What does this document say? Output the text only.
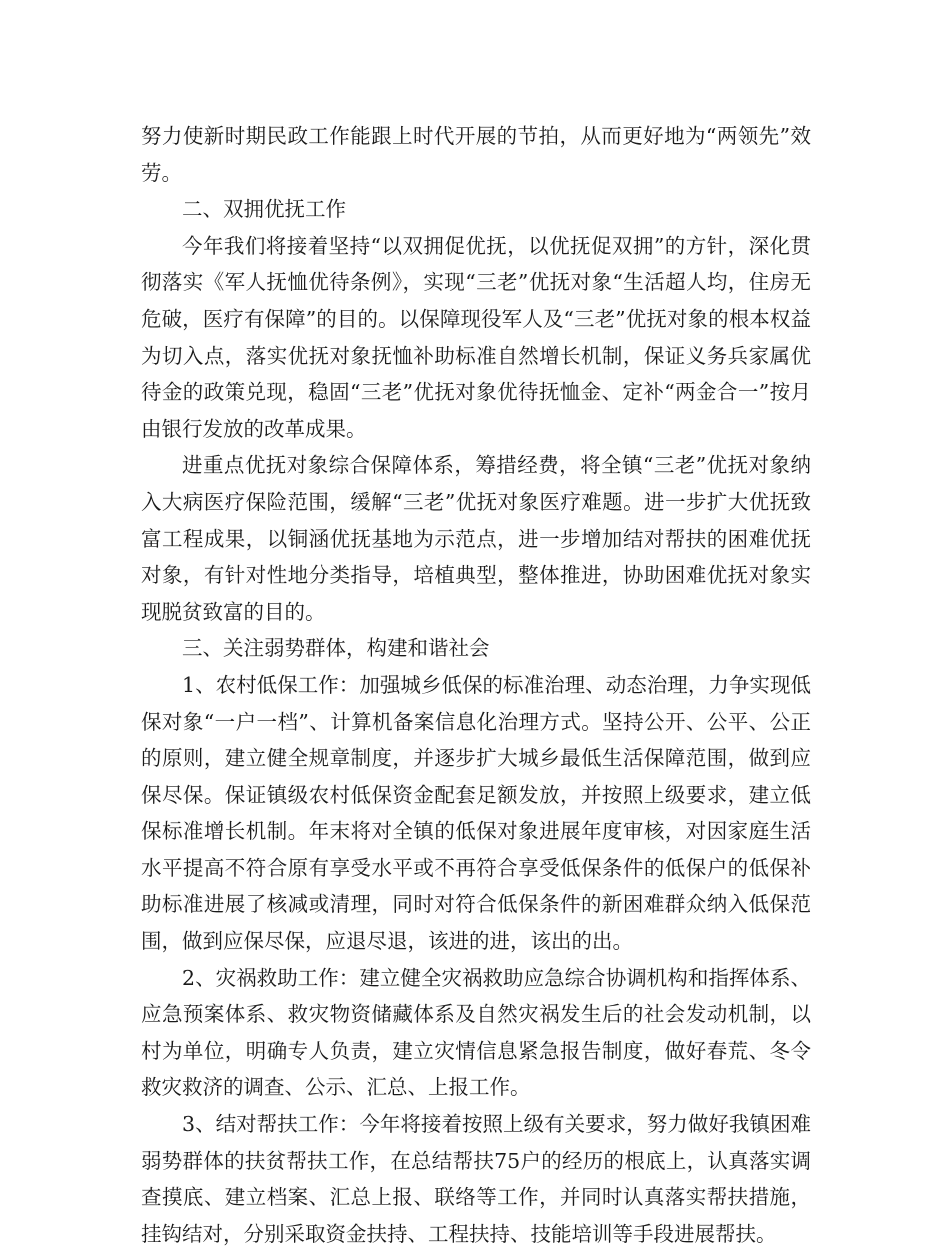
努力使新时期民政工作能跟上时代开展的节拍，从而更好地为“两领先”效劳。

二、双拥优抚工作

今年我们将接着坚持“以双拥促优抚，以优抚促双拥”的方针，深化贯彻落实《军人抚恤优待条例》，实现“三老”优抚对象“生活超人均，住房无危破，医疗有保障”的目的。以保障现役军人及“三老”优抚对象的根本权益为切入点，落实优抚对象抚恤补助标准自然增长机制，保证义务兵家属优待金的政策兑现，稳固“三老”优抚对象优待抚恤金、定补“两金合一”按月由银行发放的改革成果。

进重点优抚对象综合保障体系，筹措经费，将全镇“三老”优抚对象纳入大病医疗保险范围，缓解“三老”优抚对象医疗难题。进一步扩大优抚致富工程成果，以铜涵优抚基地为示范点，进一步增加结对帮扶的困难优抚对象，有针对性地分类指导，培植典型，整体推进，协助困难优抚对象实现脱贫致富的目的。

三、关注弱势群体，构建和谐社会

1、农村低保工作：加强城乡低保的标准治理、动态治理，力争实现低保对象“一户一档”、计算机备案信息化治理方式。坚持公开、公平、公正的原则，建立健全规章制度，并逐步扩大城乡最低生活保障范围，做到应保尽保。保证镇级农村低保资金配套足额发放，并按照上级要求，建立低保标准增长机制。年末将对全镇的低保对象进展年度审核，对因家庭生活水平提高不符合原有享受水平或不再符合享受低保条件的低保户的低保补助标准进展了核减或清理，同时对符合低保条件的新困难群众纳入低保范围，做到应保尽保，应退尽退，该进的进，该出的出。

2、灾祸救助工作：建立健全灾祸救助应急综合协调机构和指挥体系、应急预案体系、救灾物资储藏体系及自然灾祸发生后的社会发动机制，以村为单位，明确专人负责，建立灾情信息紧急报告制度，做好春荒、冬令救灾救济的调查、公示、汇总、上报工作。

3、结对帮扶工作：今年将接着按照上级有关要求，努力做好我镇困难弱势群体的扶贫帮扶工作，在总结帮扶75户的经历的根底上，认真落实调查摸底、建立档案、汇总上报、联络等工作，并同时认真落实帮扶措施，挂钩结对，分别采取资金扶持、工程扶持、技能培训等手段进展帮扶。
